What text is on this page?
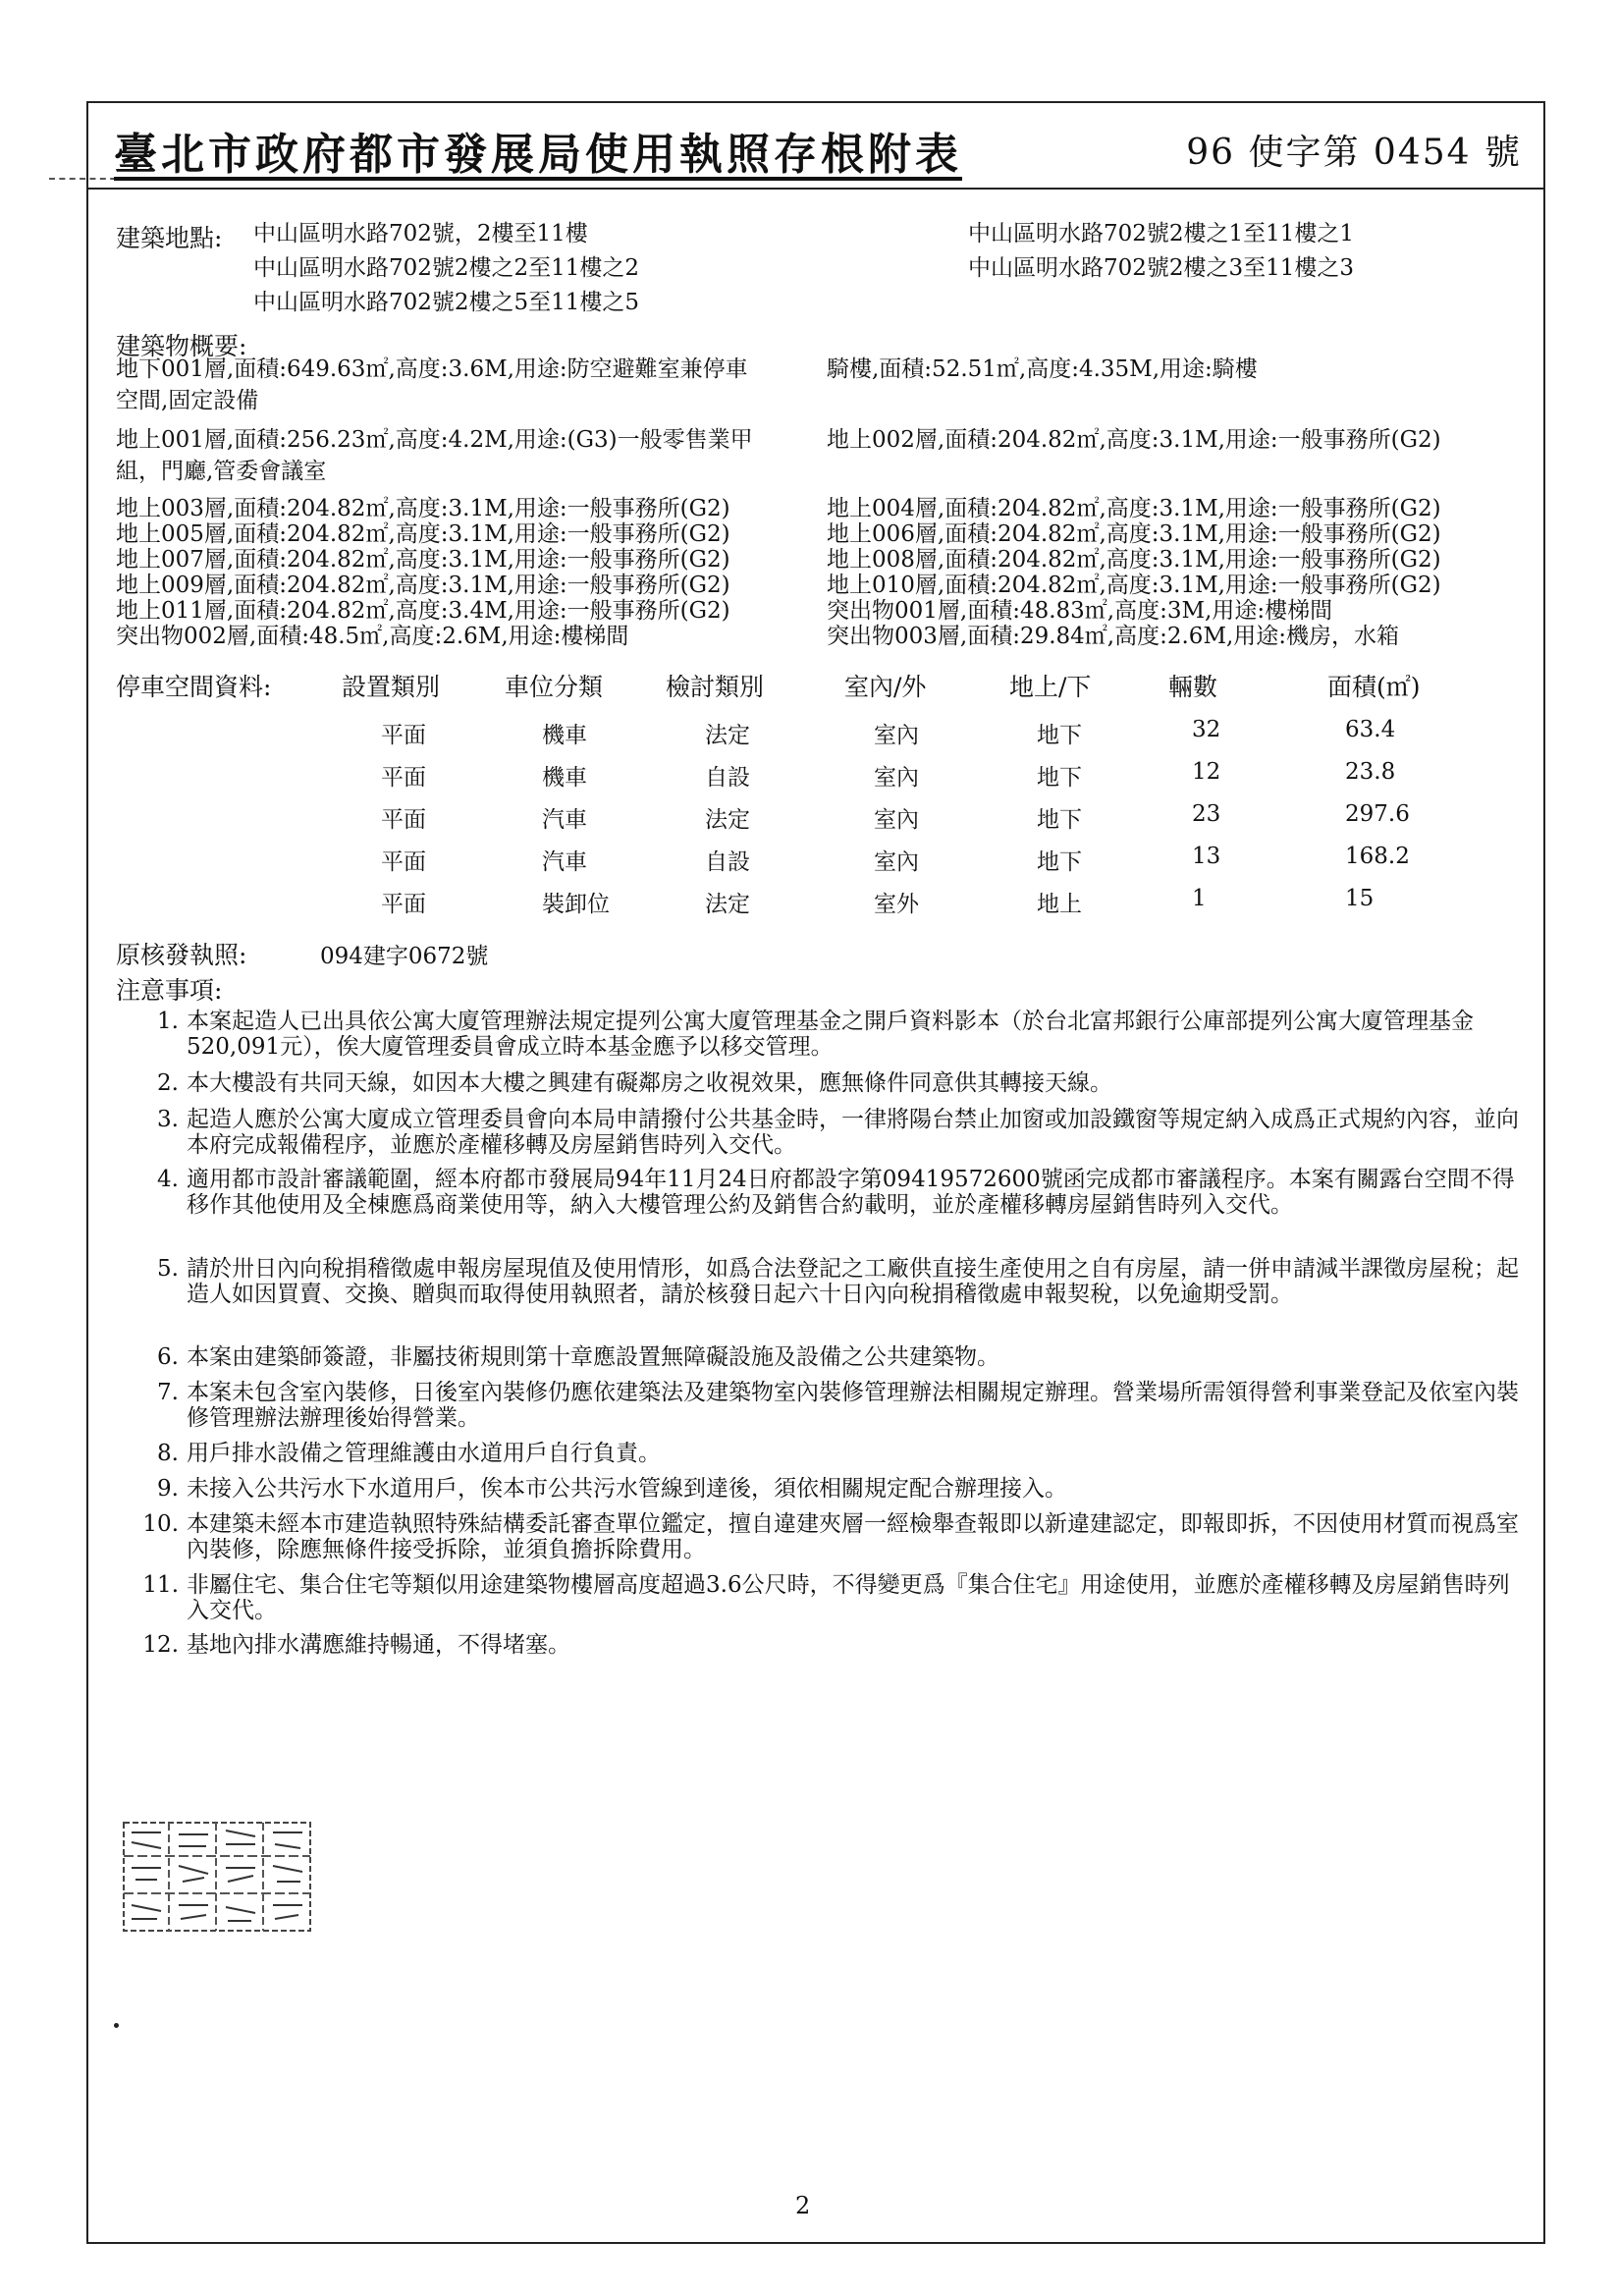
臺北市政府都市發展局使用執照存根附表	96 使字第 0454 號
建築地點: 中山區明水路702號，2樓至11樓
中山區明水路702號2樓之2至11樓之2
中山區明水路702號2樓之5至11樓之5
中山區明水路702號2樓之1至11樓之1
中山區明水路702號2樓之3至11樓之3
建築物概要:
地下001層,面積:649.63㎡,高度:3.6M,用途:防空避難室兼停車	騎樓,面積:52.51㎡,高度:4.35M,用途:騎樓
空間,固定設備
地上001層,面積:256.23㎡,高度:4.2M,用途:(G3)一般零售業甲	地上002層,面積:204.82㎡,高度:3.1M,用途:一般事務所(G2)
組，門廳,管委會議室
地上003層,面積:204.82㎡,高度:3.1M,用途:一般事務所(G2)	地上004層,面積:204.82㎡,高度:3.1M,用途:一般事務所(G2)
地上005層,面積:204.82㎡,高度:3.1M,用途:一般事務所(G2)	地上006層,面積:204.82㎡,高度:3.1M,用途:一般事務所(G2)
地上007層,面積:204.82㎡,高度:3.1M,用途:一般事務所(G2)	地上008層,面積:204.82㎡,高度:3.1M,用途:一般事務所(G2)
地上009層,面積:204.82㎡,高度:3.1M,用途:一般事務所(G2)	地上010層,面積:204.82㎡,高度:3.1M,用途:一般事務所(G2)
地上011層,面積:204.82㎡,高度:3.4M,用途:一般事務所(G2)	突出物001層,面積:48.83㎡,高度:3M,用途:樓梯間
突出物002層,面積:48.5㎡,高度:2.6M,用途:樓梯間	突出物003層,面積:29.84㎡,高度:2.6M,用途:機房，水箱
停車空間資料:	設置類別	車位分類	檢討類別	室內/外	地上/下	輛數	面積(㎡)
平面	機車	法定	室內	地下	32	63.4
平面	機車	自設	室內	地下	12	23.8
平面	汽車	法定	室內	地下	23	297.6
平面	汽車	自設	室內	地下	13	168.2
平面	裝卸位	法定	室外	地上	1	15
原核發執照:	094建字0672號
注意事項:
1. 本案起造人已出具依公寓大廈管理辦法規定提列公寓大廈管理基金之開戶資料影本（於台北富邦銀行公庫部提列公寓大廈管理基金520,091元），俟大廈管理委員會成立時本基金應予以移交管理。
2. 本大樓設有共同天線，如因本大樓之興建有礙鄰房之收視效果，應無條件同意供其轉接天線。
3. 起造人應於公寓大廈成立管理委員會向本局申請撥付公共基金時，一律將陽台禁止加窗或加設鐵窗等規定納入成爲正式規約內容，並向本府完成報備程序，並應於產權移轉及房屋銷售時列入交代。
4. 適用都市設計審議範圍，經本府都市發展局94年11月24日府都設字第09419572600號函完成都市審議程序。本案有關露台空間不得移作其他使用及全棟應爲商業使用等，納入大樓管理公約及銷售合約載明，並於產權移轉房屋銷售時列入交代。
5. 請於卅日內向稅捐稽徵處申報房屋現值及使用情形，如爲合法登記之工廠供直接生產使用之自有房屋，請一併申請減半課徵房屋稅；起造人如因買賣、交換、贈與而取得使用執照者，請於核發日起六十日內向稅捐稽徵處申報契稅，以免逾期受罰。
6. 本案由建築師簽證，非屬技術規則第十章應設置無障礙設施及設備之公共建築物。
7. 本案未包含室內裝修，日後室內裝修仍應依建築法及建築物室內裝修管理辦法相關規定辦理。營業場所需領得營利事業登記及依室內裝修管理辦法辦理後始得營業。
8. 用戶排水設備之管理維護由水道用戶自行負責。
9. 未接入公共污水下水道用戶，俟本市公共污水管線到達後，須依相關規定配合辦理接入。
10. 本建築未經本市建造執照特殊結構委託審查單位鑑定，擅自違建夾層一經檢舉查報即以新違建認定，即報即拆，不因使用材質而視爲室內裝修，除應無條件接受拆除，並須負擔拆除費用。
11. 非屬住宅、集合住宅等類似用途建築物樓層高度超過3.6公尺時，不得變更爲『集合住宅』用途使用，並應於產權移轉及房屋銷售時列入交代。
12. 基地內排水溝應維持暢通，不得堵塞。
2
